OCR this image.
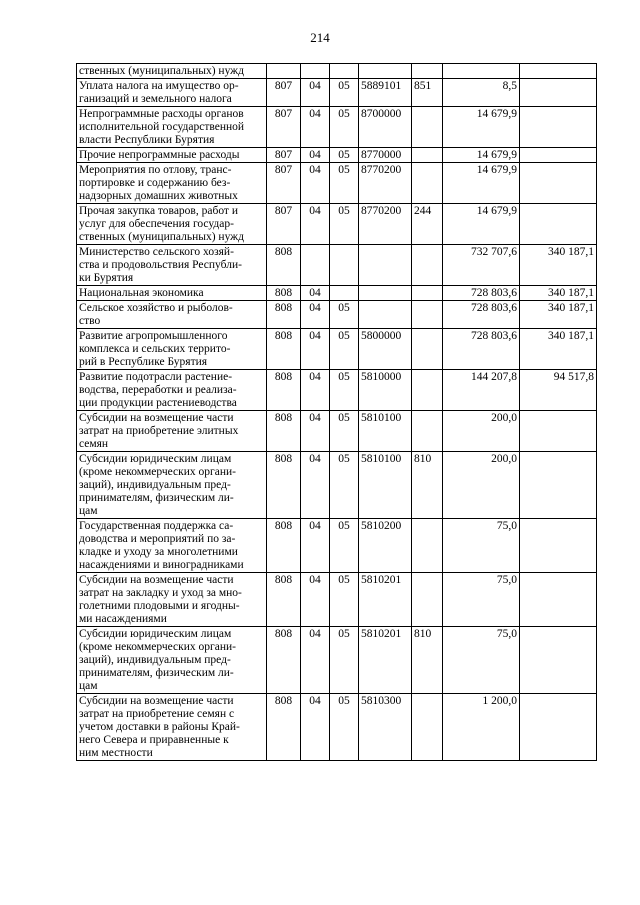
214
ственных (муниципальных) нужд							
Уплата налога на имущество ор-
ганизаций и земельного налога	807	04	05	5889101	851	8,5	
Непрограммные расходы органов
исполнительной государственной
власти Республики Бурятия	807	04	05	8700000		14 679,9	
Прочие непрограммные расходы	807	04	05	8770000		14 679,9	
Мероприятия по отлову, транс-
портировке и содержанию без-
надзорных домашних животных	807	04	05	8770200		14 679,9	
Прочая закупка товаров, работ и
услуг для обеспечения государ-
ственных (муниципальных) нужд	807	04	05	8770200	244	14 679,9	
Министерство сельского хозяй-
ства и продовольствия Республи-
ки Бурятия	808					732 707,6	340 187,1
Национальная экономика	808	04				728 803,6	340 187,1
Сельское хозяйство и рыболов-
ство	808	04	05			728 803,6	340 187,1
Развитие агропромышленного
комплекса и сельских террито-
рий в Республике Бурятия	808	04	05	5800000		728 803,6	340 187,1
Развитие подотрасли растение-
водства, переработки и реализа-
ции продукции растениеводства	808	04	05	5810000		144 207,8	94 517,8
Субсидии на возмещение части
затрат на приобретение элитных
семян	808	04	05	5810100		200,0	
Субсидии юридическим лицам
(кроме некоммерческих органи-
заций), индивидуальным пред-
принимателям, физическим ли-
цам	808	04	05	5810100	810	200,0	
Государственная поддержка са-
доводства и мероприятий по за-
кладке и уходу за многолетними
насаждениями и виноградниками	808	04	05	5810200		75,0	
Субсидии на возмещение части
затрат на закладку и уход за мно-
голетними плодовыми и ягодны-
ми насаждениями	808	04	05	5810201		75,0	
Субсидии юридическим лицам
(кроме некоммерческих органи-
заций), индивидуальным пред-
принимателям, физическим ли-
цам	808	04	05	5810201	810	75,0	
Субсидии на возмещение части
затрат на приобретение семян с
учетом доставки в районы Край-
него Севера и приравненные к
ним местности	808	04	05	5810300		1 200,0	
